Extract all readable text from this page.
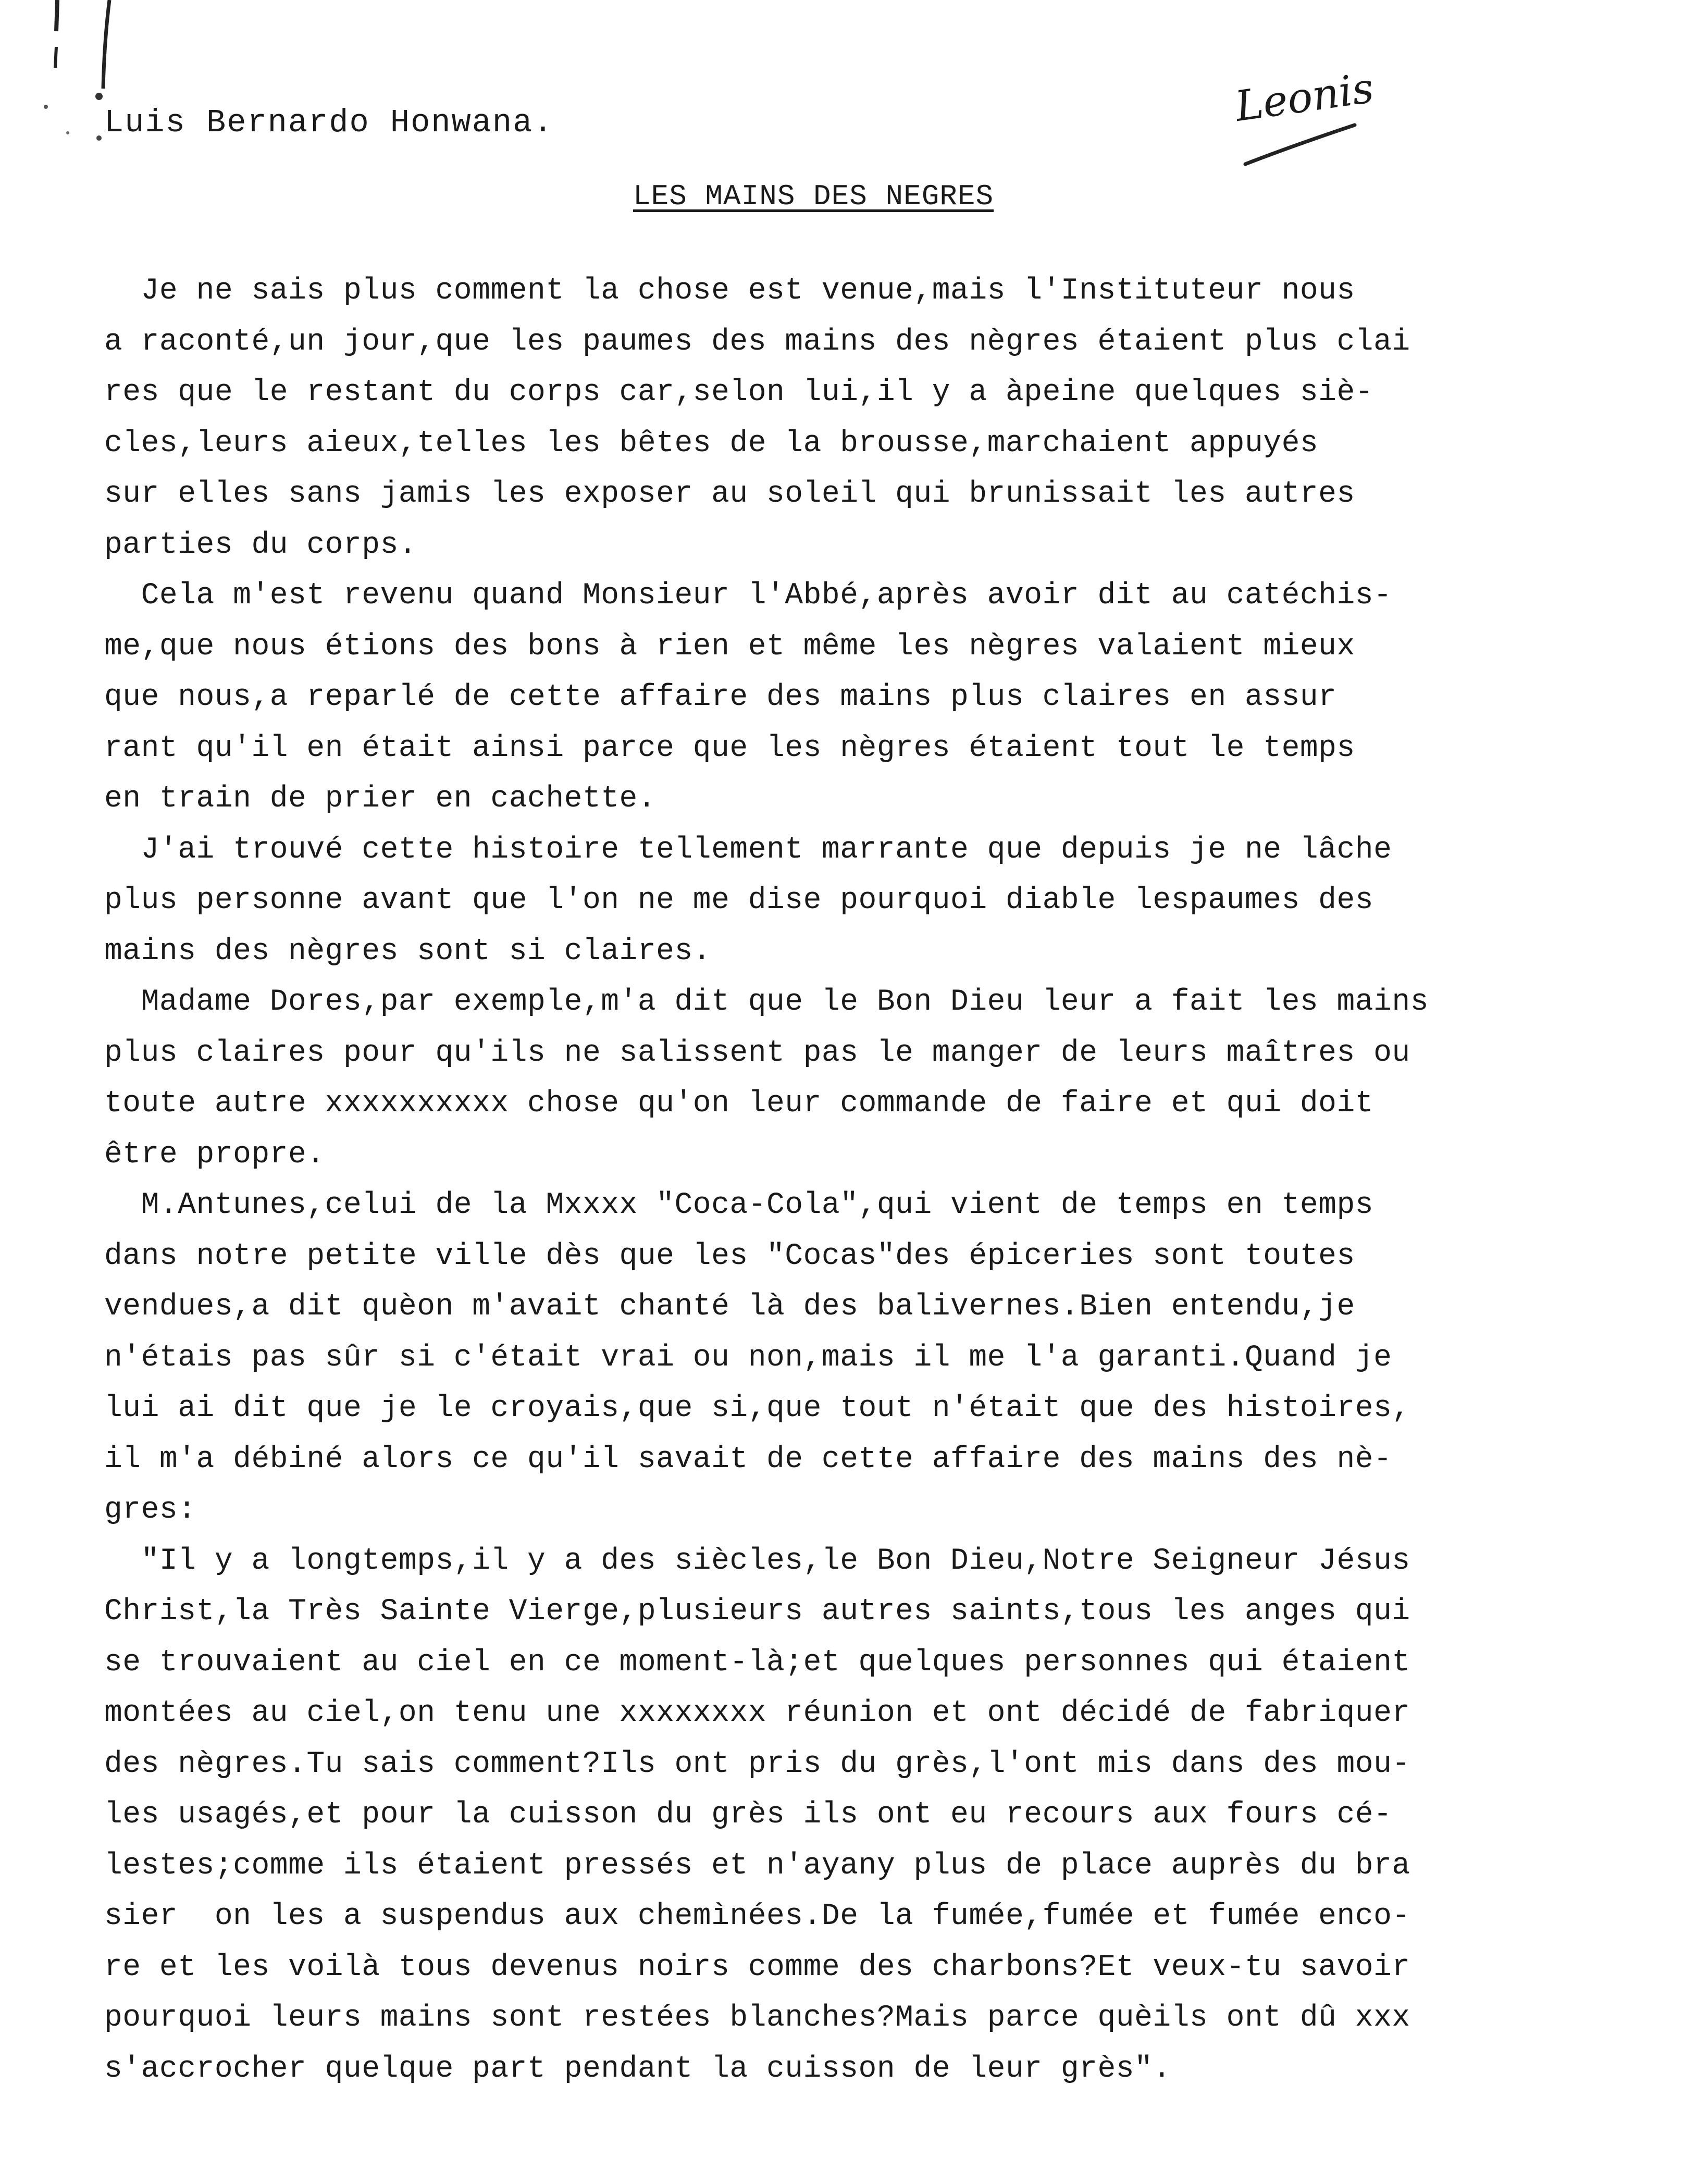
Luis Bernardo Honwana.	Leonis
LES MAINS DES NEGRES
Je ne sais plus comment la chose est venue,mais l'Instituteur nous
a raconté,un jour,que les paumes des mains des nègres étaient plus clai
res que le restant du corps car,selon lui,il y a àpeine quelques siè-
cles,leurs aieux,telles les bêtes de la brousse,marchaient appuyés
sur elles sans jamis les exposer au soleil qui brunissait les autres
parties du corps.
Cela m'est revenu quand Monsieur l'Abbé,après avoir dit au catéchis-
me,que nous étions des bons à rien et même les nègres valaient mieux
que nous,a reparlé de cette affaire des mains plus claires en assur
rant qu'il en était ainsi parce que les nègres étaient tout le temps
en train de prier en cachette.
J'ai trouvé cette histoire tellement marrante que depuis je ne lâche
plus personne avant que l'on ne me dise pourquoi diable lespaumes des
mains des nègres sont si claires.
Madame Dores,par exemple,m'a dit que le Bon Dieu leur a fait les mains
plus claires pour qu'ils ne salissent pas le manger de leurs maîtres ou
toute autre xxxxxxxxxx chose qu'on leur commande de faire et qui doit
être propre.
M.Antunes,celui de la Mxxxx "Coca-Cola",qui vient de temps en temps
dans notre petite ville dès que les "Cocas"des épiceries sont toutes
vendues,a dit quèon m'avait chanté là des balivernes.Bien entendu,je
n'étais pas sûr si c'était vrai ou non,mais il me l'a garanti.Quand je
lui ai dit que je le croyais,que si,que tout n'était que des histoires,
il m'a débiné alors ce qu'il savait de cette affaire des mains des nè-
gres:
"Il y a longtemps,il y a des siècles,le Bon Dieu,Notre Seigneur Jésus
Christ,la Très Sainte Vierge,plusieurs autres saints,tous les anges qui
se trouvaient au ciel en ce moment-là;et quelques personnes qui étaient
montées au ciel,on tenu une xxxxxxxx réunion et ont décidé de fabriquer
des nègres.Tu sais comment?Ils ont pris du grès,l'ont mis dans des mou-
les usagés,et pour la cuisson du grès ils ont eu recours aux fours cé-
lestes;comme ils étaient pressés et n'ayany plus de place auprès du bra
sier  on les a suspendus aux chemìnées.De la fumée,fumée et fumée enco-
re et les voilà tous devenus noirs comme des charbons?Et veux-tu savoir
pourquoi leurs mains sont restées blanches?Mais parce quèils ont dû xxx
s'accrocher quelque part pendant la cuisson de leur grès".
